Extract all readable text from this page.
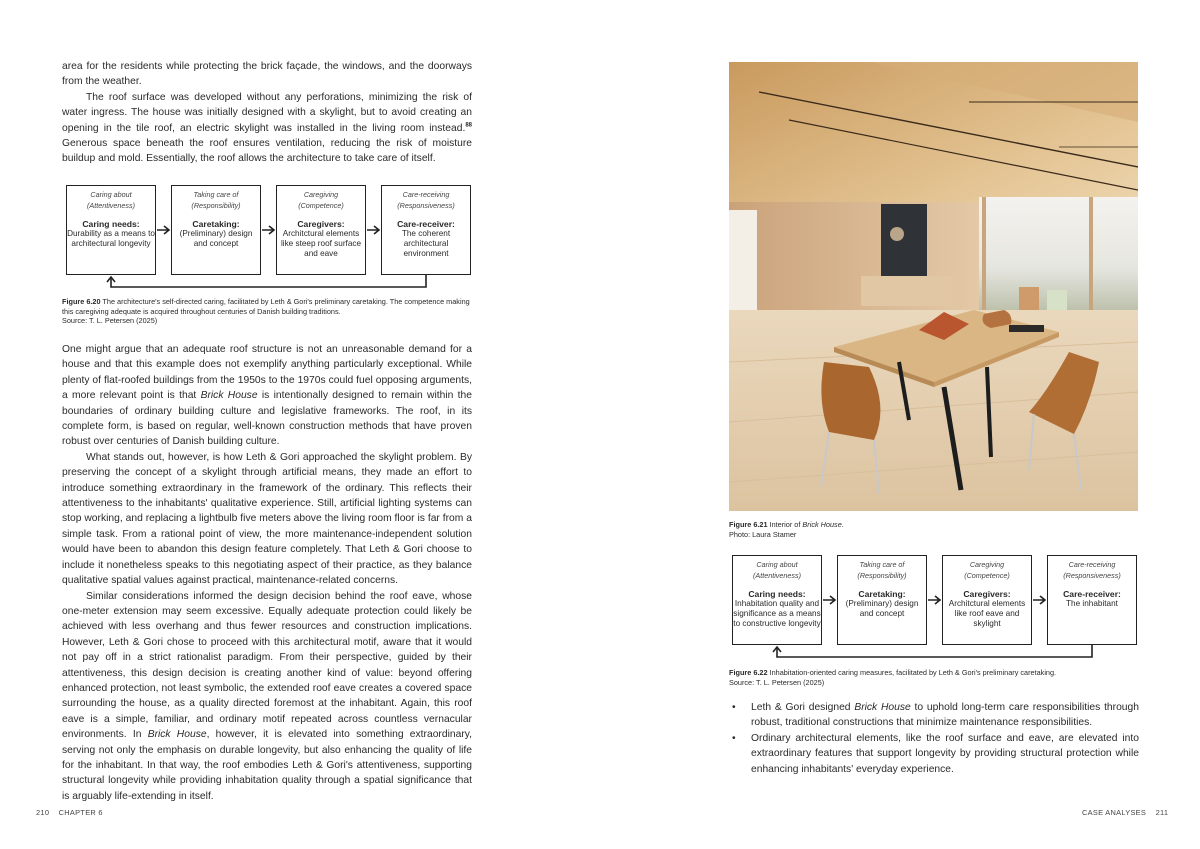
area for the residents while protecting the brick façade, the windows, and the doorways from the weather.

The roof surface was developed without any perforations, minimizing the risk of water ingress. The house was initially designed with a skylight, but to avoid creating an opening in the tile roof, an electric skylight was installed in the living room instead.$^{88}$ Generous space beneath the roof ensures ventilation, reducing the risk of moisture buildup and mold. Essentially, the roof allows the architecture to take care of itself.

Caring about
(Attentiveness)
Caring needs:
Durability as a means to architectural longevity
Taking care of
(Responsibility)
Caretaking:
(Preliminary) design and concept
Caregiving
(Competence)
Caregivers:
Architctural elements like steep roof surface and eave
Care-receiving
(Responsiveness)
Care-receiver:
The coherent architectural environment
Figure 6.20 The architecture's self-directed caring, facilitated by Leth & Gori's preliminary caretaking. The competence making this caregiving adequate is acquired throughout centuries of Danish building traditions.
Source: T. L. Petersen (2025)

One might argue that an adequate roof structure is not an unreasonable demand for a house and that this example does not exemplify anything particularly exceptional. While plenty of flat-roofed buildings from the 1950s to the 1970s could fuel opposing arguments, a more relevant point is that Brick House is intentionally designed to remain within the boundaries of ordinary building culture and legislative frameworks. The roof, in its complete form, is based on regular, well-known construction methods that have proven robust over centuries of Danish building culture.

What stands out, however, is how Leth & Gori approached the skylight problem. By preserving the concept of a skylight through artificial means, they made an effort to introduce something extraordinary in the framework of the ordinary. This reflects their attentiveness to the inhabitants' qualitative experience. Still, artificial lighting systems can stop working, and replacing a lightbulb five meters above the living room floor is far from a simple task. From a rational point of view, the more maintenance-independent solution would have been to abandon this design feature completely. That Leth & Gori choose to include it nonetheless speaks to this negotiating aspect of their practice, as they balance qualitative spatial values against practical, maintenance-related concerns.

Similar considerations informed the design decision behind the roof eave, whose one-meter extension may seem excessive. Equally adequate protection could likely be achieved with less overhang and thus fewer resources and construction implications. However, Leth & Gori chose to proceed with this architectural motif, aware that it would not pay off in a strict rationalist paradigm. From their perspective, guided by their attentiveness, this design decision is creating another kind of value: beyond offering enhanced protection, not least symbolic, the extended roof eave creates a covered space surrounding the house, as a quality directed foremost at the inhabitant. Again, this roof eave is a simple, familiar, and ordinary motif repeated across countless vernacular environments. In Brick House, however, it is elevated into something extraordinary, serving not only the emphasis on durable longevity, but also enhancing the quality of life for the inhabitant. In that way, the roof embodies Leth & Gori's attentiveness, supporting structural longevity while providing inhabitation quality through a spatial significance that is arguably life-extending in itself.

210 CHAPTER 6
Figure 6.21 Interior of Brick House.
Photo: Laura Stamer
Caring about
(Attentiveness)
Caring needs:
Inhabitation quality and significance as a means to constructive longevity
Taking care of
(Responsibility)
Caretaking:
(Preliminary) design and concept
Caregiving
(Competence)
Caregivers:
Architctural elements like roof eave and skylight
Care-receiving
(Responsiveness)
Care-receiver:
The inhabitant
Figure 6.22 Inhabitation-oriented caring measures, facilitated by Leth & Gori's preliminary caretaking.
Source: T. L. Petersen (2025)
• Leth & Gori designed Brick House to uphold long-term care responsibilities through robust, traditional constructions that minimize maintenance responsibilities.
• Ordinary architectural elements, like the roof surface and eave, are elevated into extraordinary features that support longevity by providing structural protection while enhancing inhabitants' everyday experience.
CASE ANALYSES 211
